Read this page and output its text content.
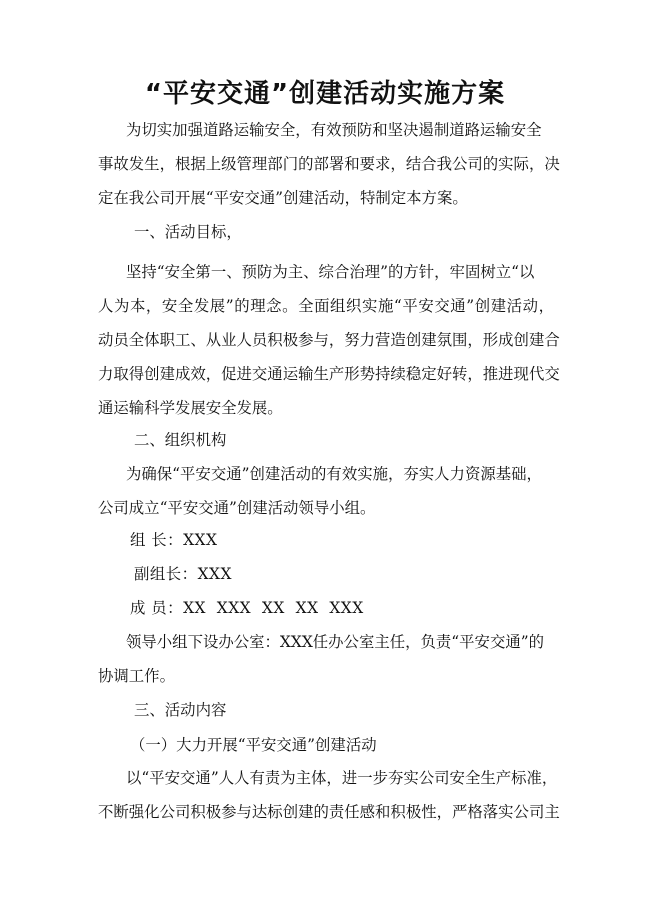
“平安交通”创建活动实施方案
为切实加强道路运输安全，有效预防和坚决遏制道路运输安全
事故发生，根据上级管理部门的部署和要求，结合我公司的实际，决
定在我公司开展“平安交通”创建活动，特制定本方案。
一、活动目标，
坚持“安全第一、预防为主、综合治理”的方针，牢固树立“以
人为本，安全发展”的理念。全面组织实施“平安交通”创建活动，
动员全体职工、从业人员积极参与，努力营造创建氛围，形成创建合
力取得创建成效，促进交通运输生产形势持续稳定好转，推进现代交
通运输科学发展安全发展。
二、组织机构
为确保“平安交通”创建活动的有效实施，夯实人力资源基础，
公司成立“平安交通”创建活动领导小组。
组 长：XXX
副组长：XXX
成 员：XX  XXX  XX  XX  XXX
领导小组下设办公室：XXX任办公室主任，负责“平安交通”的
协调工作。
三、活动内容
（一）大力开展“平安交通”创建活动
以“平安交通”人人有责为主体，进一步夯实公司安全生产标准，
不断强化公司积极参与达标创建的责任感和积极性，严格落实公司主
